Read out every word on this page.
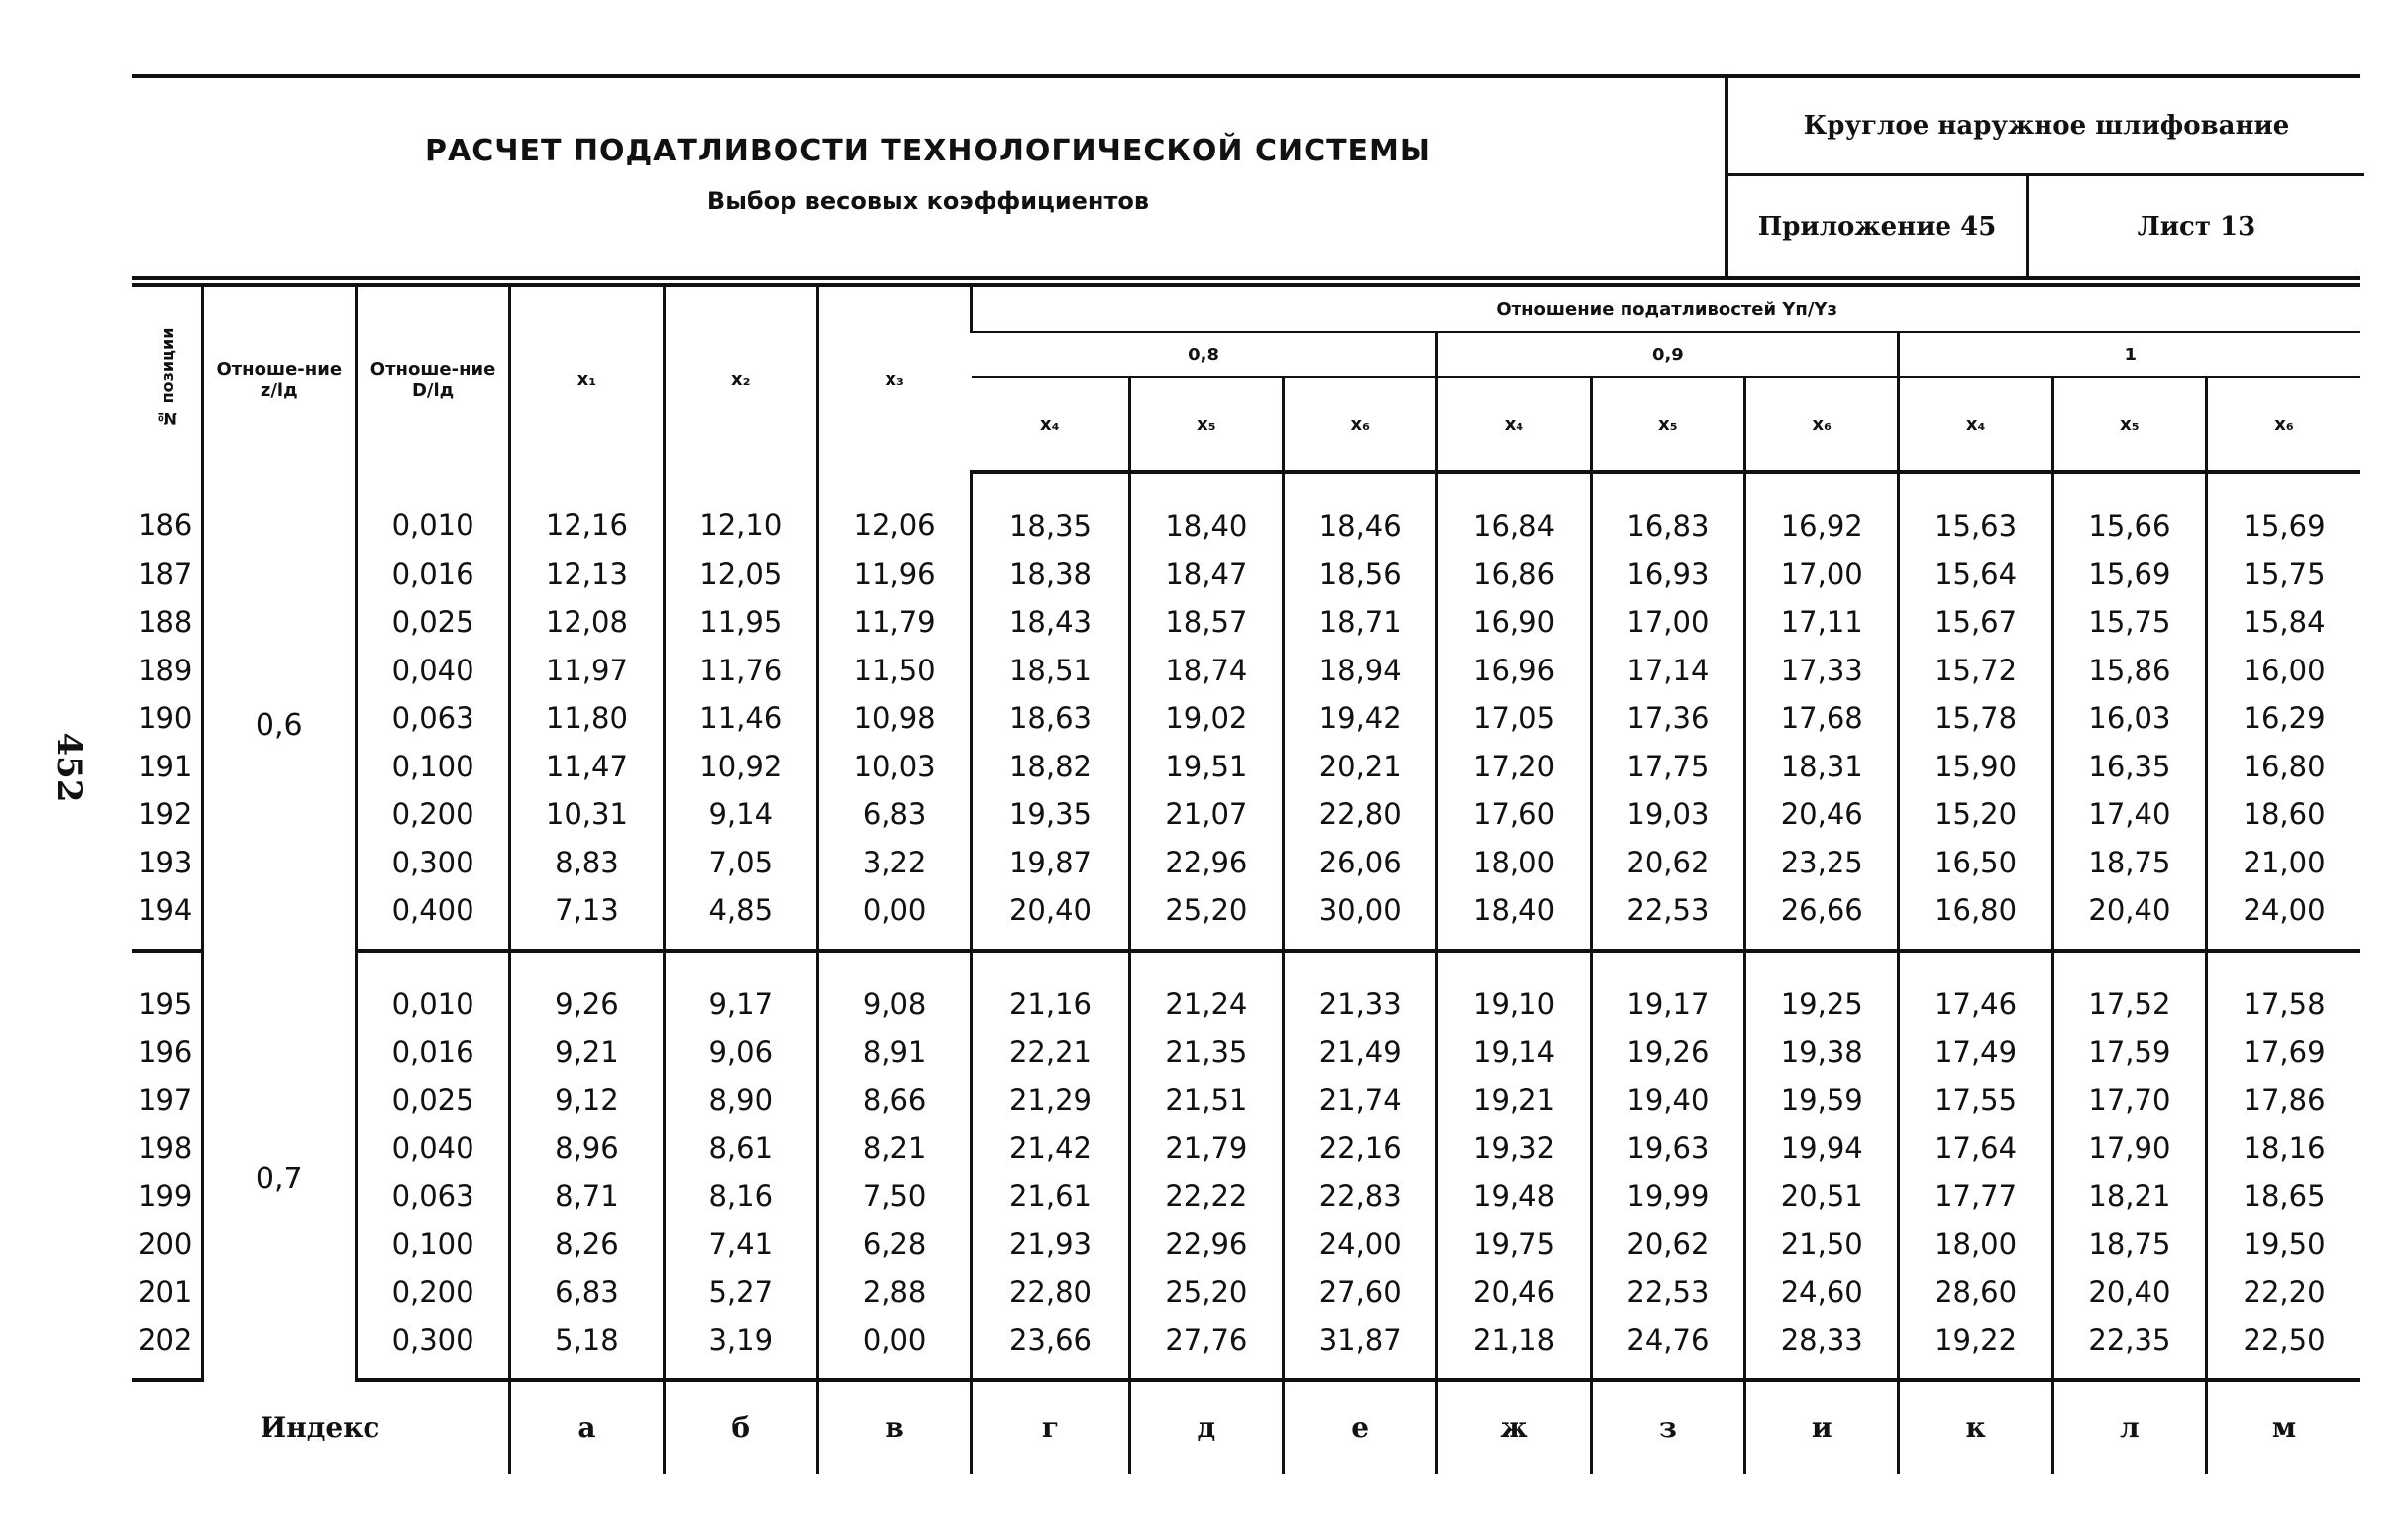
452
РАСЧЕТ ПОДАТЛИВОСТИ ТЕХНОЛОГИЧЕСКОЙ СИСТЕМЫ
Выбор весовых коэффициентов
Круглое наружное шлифование
Приложение 45	Лист 13
№ позиции	Отноше-ние z/lд	Отноше-ние D/lд	x₁	x₂	x₃	Отношение податливостей Yп/Yз								
						0,8			0,9			1		
						x₄	x₅	x₆	x₄	x₅	x₆	x₄	x₅	x₆
186	0,6	0,010	12,16	12,10	12,06	18,35	18,40	18,46	16,84	16,83	16,92	15,63	15,66	15,69
187		0,016	12,13	12,05	11,96	18,38	18,47	18,56	16,86	16,93	17,00	15,64	15,69	15,75
188		0,025	12,08	11,95	11,79	18,43	18,57	18,71	16,90	17,00	17,11	15,67	15,75	15,84
189		0,040	11,97	11,76	11,50	18,51	18,74	18,94	16,96	17,14	17,33	15,72	15,86	16,00
190		0,063	11,80	11,46	10,98	18,63	19,02	19,42	17,05	17,36	17,68	15,78	16,03	16,29
191		0,100	11,47	10,92	10,03	18,82	19,51	20,21	17,20	17,75	18,31	15,90	16,35	16,80
192		0,200	10,31	9,14	6,83	19,35	21,07	22,80	17,60	19,03	20,46	15,20	17,40	18,60
193		0,300	8,83	7,05	3,22	19,87	22,96	26,06	18,00	20,62	23,25	16,50	18,75	21,00
194		0,400	7,13	4,85	0,00	20,40	25,20	30,00	18,40	22,53	26,66	16,80	20,40	24,00
195	0,7	0,010	9,26	9,17	9,08	21,16	21,24	21,33	19,10	19,17	19,25	17,46	17,52	17,58
196		0,016	9,21	9,06	8,91	22,21	21,35	21,49	19,14	19,26	19,38	17,49	17,59	17,69
197		0,025	9,12	8,90	8,66	21,29	21,51	21,74	19,21	19,40	19,59	17,55	17,70	17,86
198		0,040	8,96	8,61	8,21	21,42	21,79	22,16	19,32	19,63	19,94	17,64	17,90	18,16
199		0,063	8,71	8,16	7,50	21,61	22,22	22,83	19,48	19,99	20,51	17,77	18,21	18,65
200		0,100	8,26	7,41	6,28	21,93	22,96	24,00	19,75	20,62	21,50	18,00	18,75	19,50
201		0,200	6,83	5,27	2,88	22,80	25,20	27,60	20,46	22,53	24,60	28,60	20,40	22,20
202		0,300	5,18	3,19	0,00	23,66	27,76	31,87	21,18	24,76	28,33	19,22	22,35	22,50
Индекс			а	б	в	г	д	е	ж	з	и	к	л	м
